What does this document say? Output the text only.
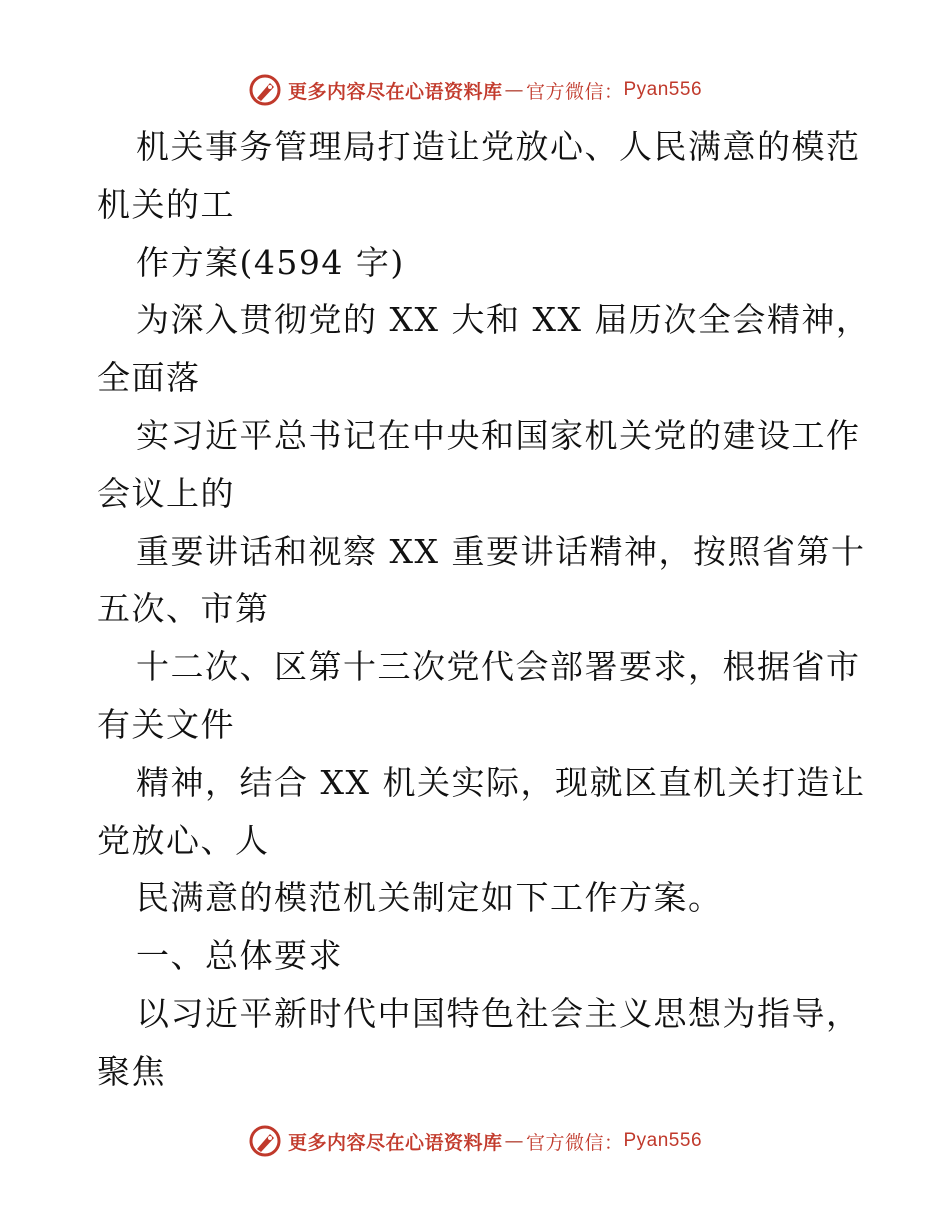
更多内容尽在心语资料库 — 官方微信： Pyan556
机关事务管理局打造让党放心、人民满意的模范
机关的工
作方案(4594 字)
为深入贯彻党的 XX 大和 XX 届历次全会精神，
全面落
实习近平总书记在中央和国家机关党的建设工作
会议上的
重要讲话和视察 XX 重要讲话精神，按照省第十
五次、市第
十二次、区第十三次党代会部署要求，根据省市
有关文件
精神，结合 XX 机关实际，现就区直机关打造让
党放心、人
民满意的模范机关制定如下工作方案。
一、总体要求
以习近平新时代中国特色社会主义思想为指导，
聚焦
更多内容尽在心语资料库 — 官方微信： Pyan556
